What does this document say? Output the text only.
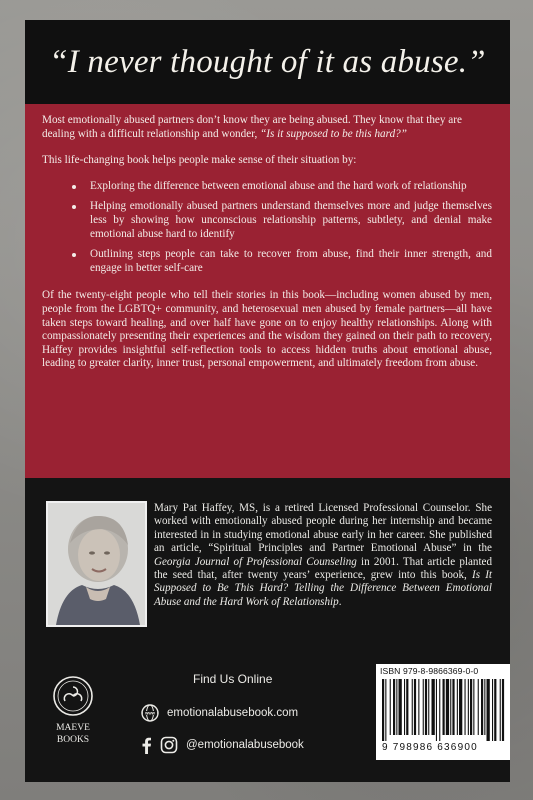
“I never thought of it as abuse.”

Most emotionally abused partners don’t know they are being abused. They know that they are dealing with a difficult relationship and wonder, “Is it supposed to be this hard?”

This life-changing book helps people make sense of their situation by:

Exploring the difference between emotional abuse and the hard work of relationship
Helping emotionally abused partners understand themselves more and judge themselves less by showing how unconscious relationship patterns, subtlety, and denial make emotional abuse hard to identify
Outlining steps people can take to recover from abuse, find their inner strength, and engage in better self-care

Of the twenty-eight people who tell their stories in this book—including women abused by men, people from the LGBTQ+ community, and heterosexual men abused by female partners—all have taken steps toward healing, and over half have gone on to enjoy healthy relationships. Along with compassionately presenting their experiences and the wisdom they gained on their path to recovery, Haffey provides insightful self-reflection tools to access hidden truths about emotional abuse, leading to greater clarity, inner trust, personal empowerment, and ultimately freedom from abuse.

Mary Pat Haffey, MS, is a retired Licensed Professional Counselor. She worked with emotionally abused people during her internship and became interested in in studying emotional abuse early in her career. She published an article, “Spiritual Principles and Partner Emotional Abuse” in the Georgia Journal of Professional Counseling in 2001. That article planted the seed that, after twenty years’ experience, grew into this book, Is It Supposed to Be This Hard? Telling the Difference Between Emotional Abuse and the Hard Work of Relationship.

MAEVE
BOOKS

Find Us Online

www emotionalabusebook.com
@emotionalabusebook
ISBN 979-8-9866369-0-0
9 798986 636900
